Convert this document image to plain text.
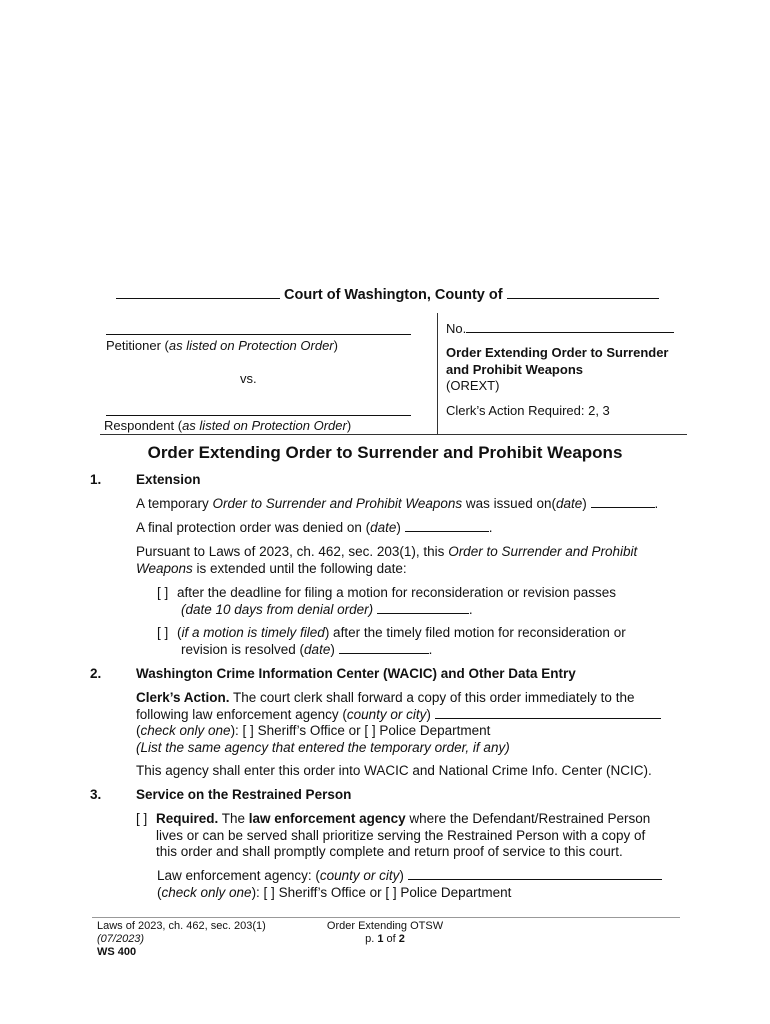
Court of Washington, County of
Petitioner (as listed on Protection Order)
vs.
Respondent (as listed on Protection Order)
No.
Order Extending Order to Surrender and Prohibit Weapons
(OREXT)
Clerk’s Action Required: 2, 3
Order Extending Order to Surrender and Prohibit Weapons
1.	Extension
A temporary Order to Surrender and Prohibit Weapons was issued on(date)	.
A final protection order was denied on (date)	.
Pursuant to Laws of 2023, ch. 462, sec. 203(1), this Order to Surrender and Prohibit
Weapons is extended until the following date:
[ ] after the deadline for filing a motion for reconsideration or revision passes
(date 10 days from denial order)	.
[ ] (if a motion is timely filed) after the timely filed motion for reconsideration or
revision is resolved (date)	.
2.	Washington Crime Information Center (WACIC) and Other Data Entry
Clerk’s Action. The court clerk shall forward a copy of this order immediately to the
following law enforcement agency (county or city)
(check only one): [ ] Sheriff’s Office or [ ] Police Department
(List the same agency that entered the temporary order, if any)
This agency shall enter this order into WACIC and National Crime Info. Center (NCIC).
3.	Service on the Restrained Person
[ ] Required. The law enforcement agency where the Defendant/Restrained Person
lives or can be served shall prioritize serving the Restrained Person with a copy of
this order and shall promptly complete and return proof of service to this court.
Law enforcement agency: (county or city)
(check only one): [ ] Sheriff’s Office or [ ] Police Department
Laws of 2023, ch. 462, sec. 203(1)
(07/2023)
WS 400
Order Extending OTSW
p. 1 of 2
